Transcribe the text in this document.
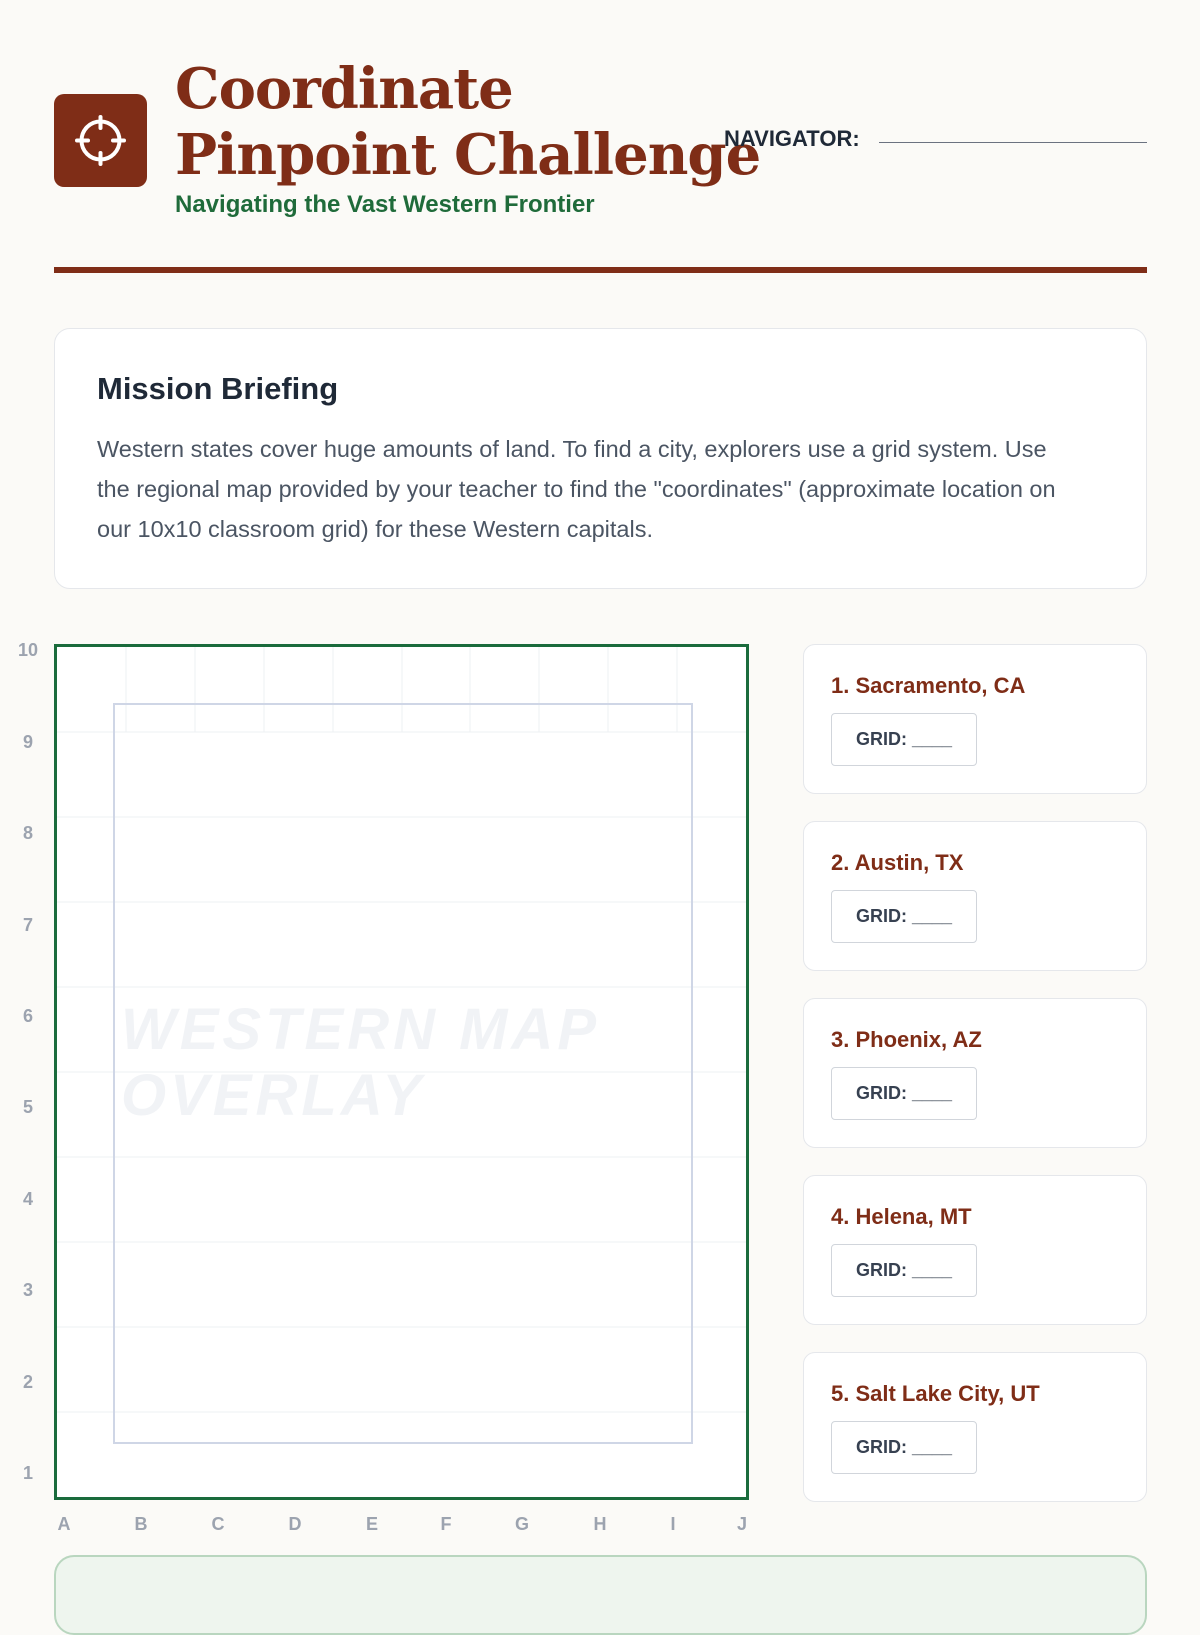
Coordinate
Pinpoint Challenge
Navigating the Vast Western Frontier
NAVIGATOR:
Mission Briefing

Western states cover huge amounts of land. To find a city, explorers use a grid system. Use the regional map provided by your teacher to find the "coordinates" (approximate location on our 10x10 classroom grid) for these Western capitals.

10
9
8
7
6
5
4
3
2
1
WESTERN MAP
OVERLAY
A	B	C	D	E	F	G	H	I	J
1. Sacramento, CA
GRID: ____
2. Austin, TX
GRID: ____
3. Phoenix, AZ
GRID: ____
4. Helena, MT
GRID: ____
5. Salt Lake City, UT
GRID: ____
